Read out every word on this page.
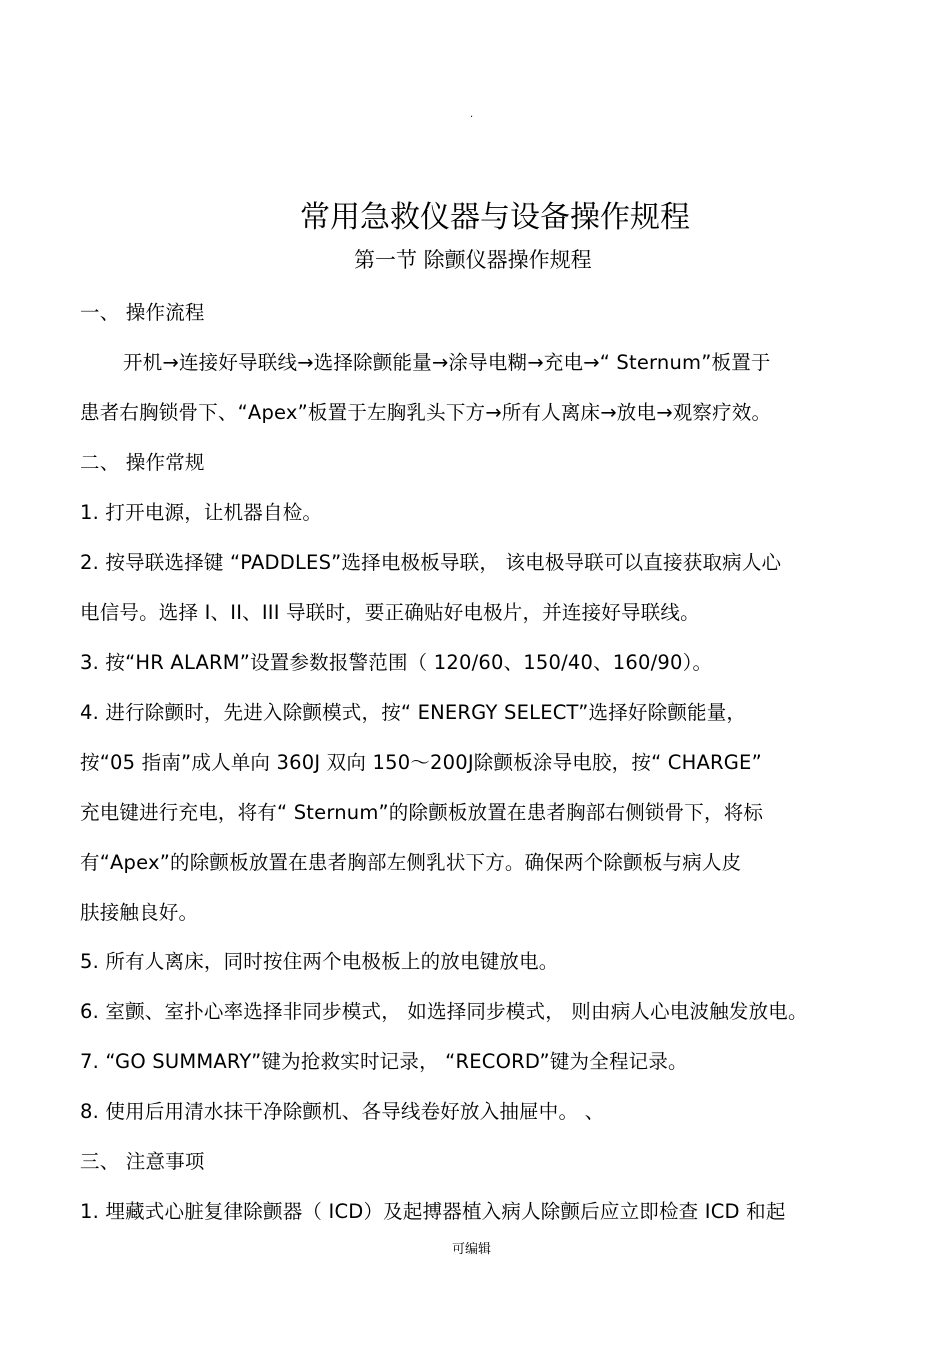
·
常用急救仪器与设备操作规程
第一节 除颤仪器操作规程
一、 操作流程
开机→连接好导联线→选择除颤能量→涂导电糊→充电→“ Sternum”板置于
患者右胸锁骨下、“Apex”板置于左胸乳头下方→所有人离床→放电→观察疗效。
二、 操作常规
1. 打开电源，让机器自检。
2. 按导联选择键 “PADDLES”选择电极板导联， 该电极导联可以直接获取病人心
电信号。选择 I、II、III 导联时，要正确贴好电极片，并连接好导联线。
3. 按“HR ALARM”设置参数报警范围（ 120/60、150/40、160/90）。
4. 进行除颤时，先进入除颤模式，按“ ENERGY SELECT”选择好除颤能量，
按“05 指南”成人单向 360J 双向 150～200J除颤板涂导电胶，按“ CHARGE”
充电键进行充电，将有“ Sternum”的除颤板放置在患者胸部右侧锁骨下，将标
有“Apex”的除颤板放置在患者胸部左侧乳状下方。确保两个除颤板与病人皮
肤接触良好。
5. 所有人离床，同时按住两个电极板上的放电键放电。
6. 室颤、室扑心率选择非同步模式， 如选择同步模式， 则由病人心电波触发放电。
7. “GO SUMMARY”键为抢救实时记录， “RECORD”键为全程记录。
8. 使用后用清水抹干净除颤机、各导线卷好放入抽屉中。 、
三、 注意事项
1. 埋藏式心脏复律除颤器（ ICD）及起搏器植入病人除颤后应立即检查 ICD 和起
可编辑
